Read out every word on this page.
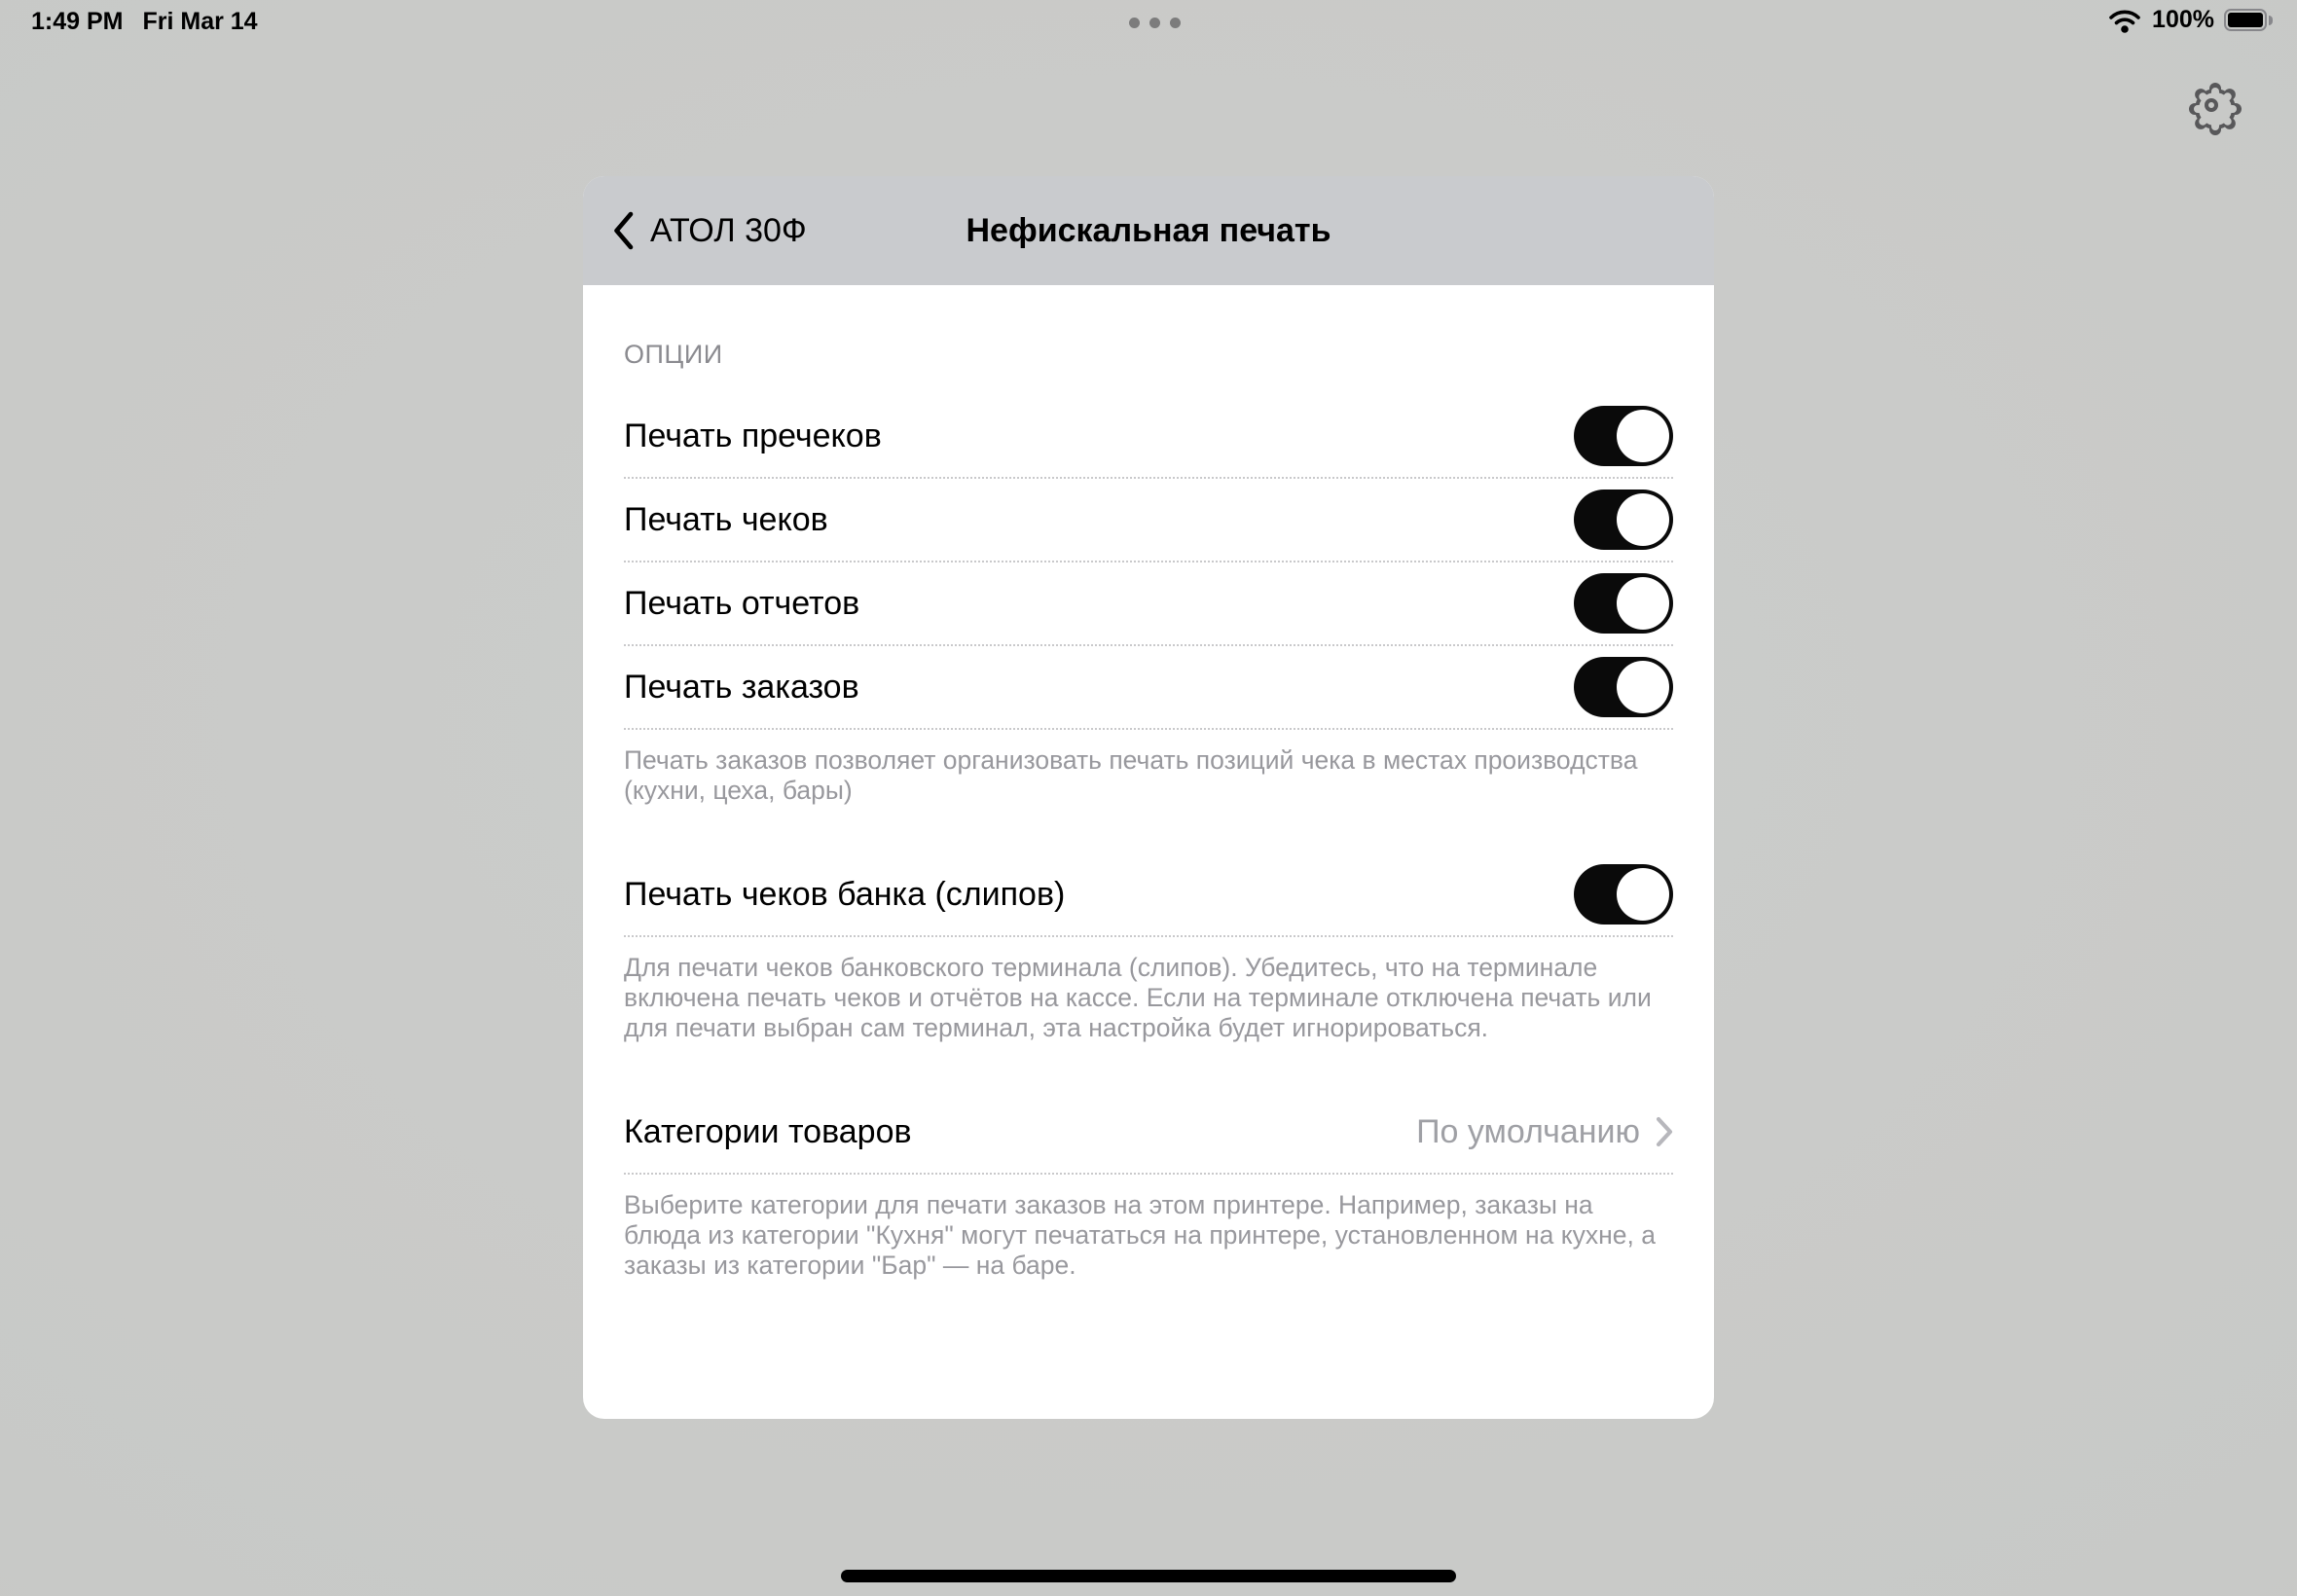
1:49 PM Fri Mar 14	100%
АТОЛ 30Ф	Нефискальная печать
ОПЦИИ
Печать пречеков
Печать чеков
Печать отчетов
Печать заказов
Печать заказов позволяет организовать печать позиций чека в местах производства (кухни, цеха, бары)
Печать чеков банка (слипов)
Для печати чеков банковского терминала (слипов). Убедитесь, что на терминале включена печать чеков и отчётов на кассе. Если на терминале отключена печать или для печати выбран сам терминал, эта настройка будет игнорироваться.
Категории товаров	По умолчанию
Выберите категории для печати заказов на этом принтере. Например, заказы на блюда из категории "Кухня" могут печататься на принтере, установленном на кухне, а заказы из категории "Бар" — на баре.
